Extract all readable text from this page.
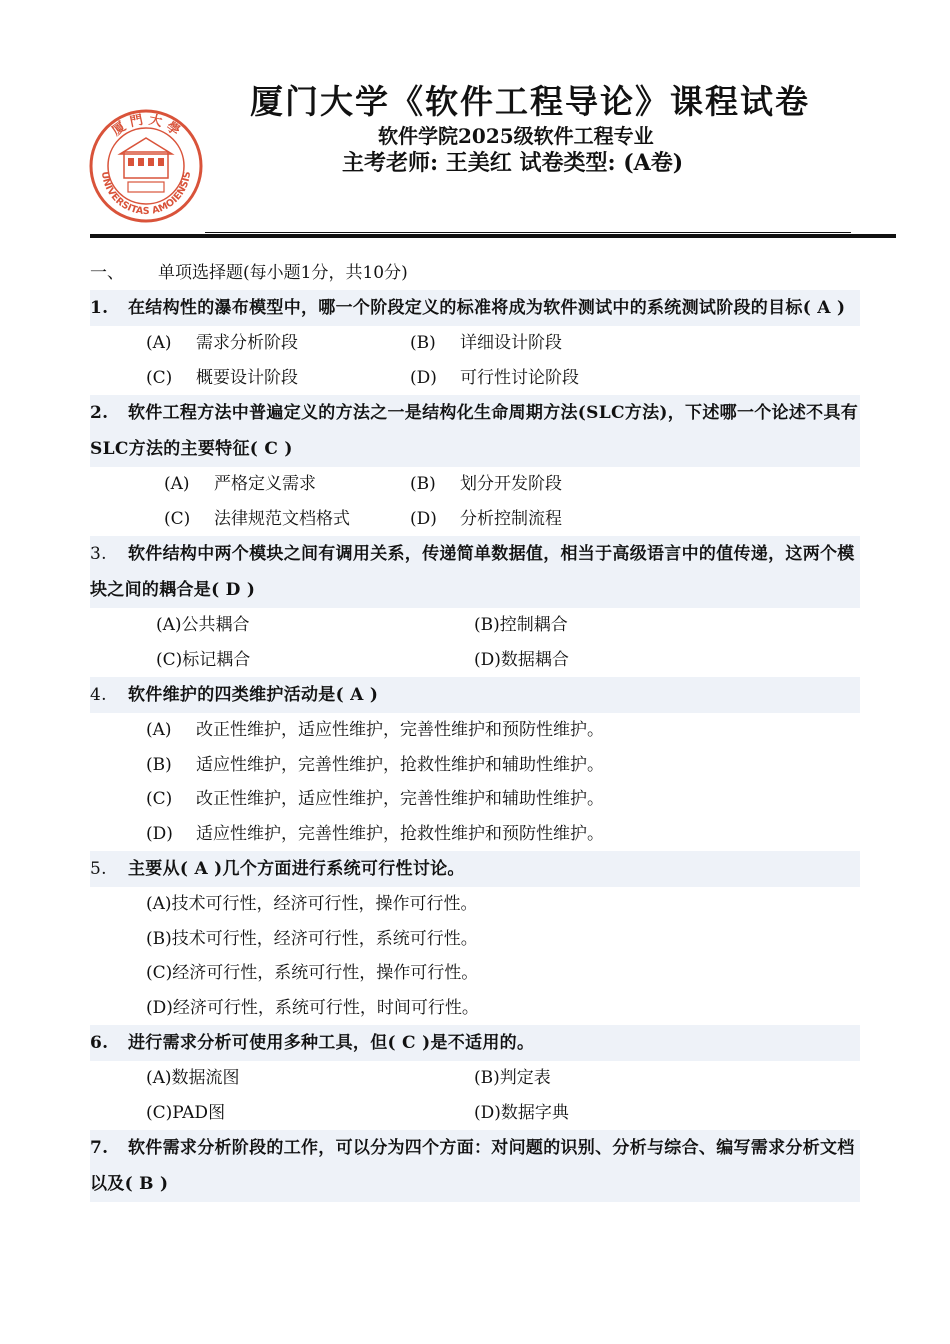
厦 門 大 學
UNIVERSITAS AMOIENSIS
厦门大学《软件工程导论》课程试卷
软件学院2025级软件工程专业
主考老师: 王美红 试卷类型: (A卷)
一、 单项选择题(每小题1分，共10分)
1. 在结构性的瀑布模型中，哪一个阶段定义的标准将成为软件测试中的系统测试阶段的目标( A )
(A) 需求分析阶段	(B) 详细设计阶段
(C) 概要设计阶段	(D) 可行性讨论阶段
2. 软件工程方法中普遍定义的方法之一是结构化生命周期方法(SLC方法)，下述哪一个论述不具有SLC方法的主要特征( C )
(A) 严格定义需求	(B) 划分开发阶段
(C) 法律规范文档格式	(D) 分析控制流程
3. 软件结构中两个模块之间有调用关系，传递简单数据值，相当于高级语言中的值传递，这两个模块之间的耦合是( D )
(A)公共耦合	(B)控制耦合
(C)标记耦合	(D)数据耦合
4. 软件维护的四类维护活动是( A )
(A) 改正性维护，适应性维护，完善性维护和预防性维护。
(B) 适应性维护，完善性维护，抢救性维护和辅助性维护。
(C) 改正性维护，适应性维护，完善性维护和辅助性维护。
(D) 适应性维护，完善性维护，抢救性维护和预防性维护。
5. 主要从( A )几个方面进行系统可行性讨论。
(A)技术可行性，经济可行性，操作可行性。
(B)技术可行性，经济可行性，系统可行性。
(C)经济可行性，系统可行性，操作可行性。
(D)经济可行性，系统可行性，时间可行性。
6. 进行需求分析可使用多种工具，但( C )是不适用的。
(A)数据流图	(B)判定表
(C)PAD图	(D)数据字典
7. 软件需求分析阶段的工作，可以分为四个方面：对问题的识别、分析与综合、编写需求分析文档以及( B )
